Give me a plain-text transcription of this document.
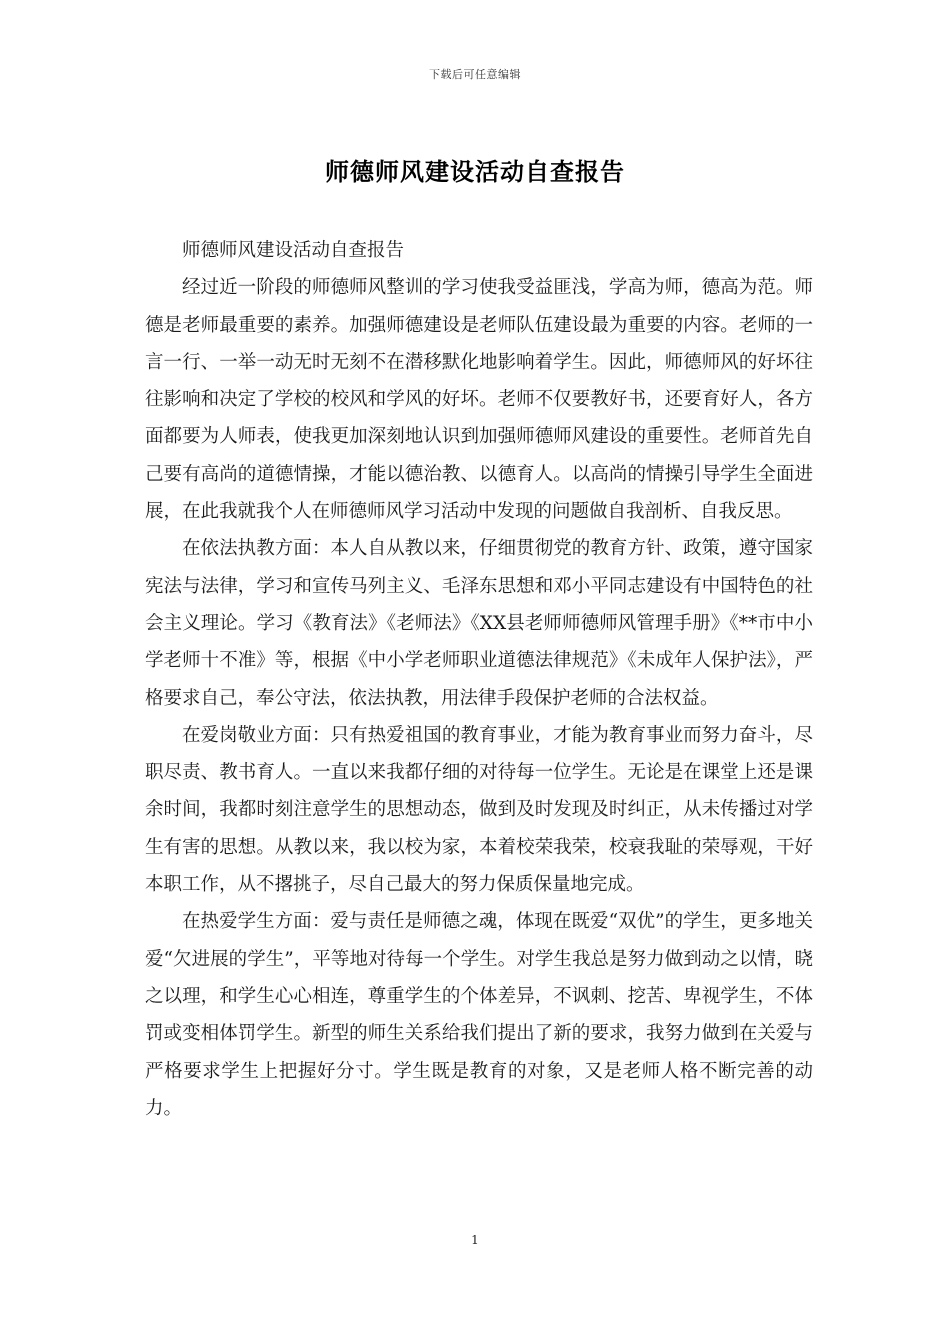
下载后可任意编辑
师德师风建设活动自查报告

师德师风建设活动自查报告

经过近一阶段的师德师风整训的学习使我受益匪浅，学高为师，德高为范。师德是老师最重要的素养。加强师德建设是老师队伍建设最为重要的内容。老师的一言一行、一举一动无时无刻不在潜移默化地影响着学生。因此，师德师风的好坏往往影响和决定了学校的校风和学风的好坏。老师不仅要教好书，还要育好人，各方面都要为人师表，使我更加深刻地认识到加强师德师风建设的重要性。老师首先自己要有高尚的道德情操，才能以德治教、以德育人。以高尚的情操引导学生全面进展，在此我就我个人在师德师风学习活动中发现的问题做自我剖析、自我反思。

在依法执教方面：本人自从教以来，仔细贯彻党的教育方针、政策，遵守国家宪法与法律，学习和宣传马列主义、毛泽东思想和邓小平同志建设有中国特色的社会主义理论。学习《教育法》《老师法》《XX县老师师德师风管理手册》《**市中小学老师十不准》等，根据《中小学老师职业道德法律规范》《未成年人保护法》，严格要求自己，奉公守法，依法执教，用法律手段保护老师的合法权益。

在爱岗敬业方面：只有热爱祖国的教育事业，才能为教育事业而努力奋斗，尽职尽责、教书育人。一直以来我都仔细的对待每一位学生。无论是在课堂上还是课余时间，我都时刻注意学生的思想动态，做到及时发现及时纠正，从未传播过对学生有害的思想。从教以来，我以校为家，本着校荣我荣，校衰我耻的荣辱观，干好本职工作，从不撂挑子，尽自己最大的努力保质保量地完成。

在热爱学生方面：爱与责任是师德之魂，体现在既爱“双优”的学生，更多地关爱“欠进展的学生”，平等地对待每一个学生。对学生我总是努力做到动之以情，晓之以理，和学生心心相连，尊重学生的个体差异，不讽刺、挖苦、卑视学生，不体罚或变相体罚学生。新型的师生关系给我们提出了新的要求，我努力做到在关爱与严格要求学生上把握好分寸。学生既是教育的对象，又是老师人格不断完善的动力。

1
